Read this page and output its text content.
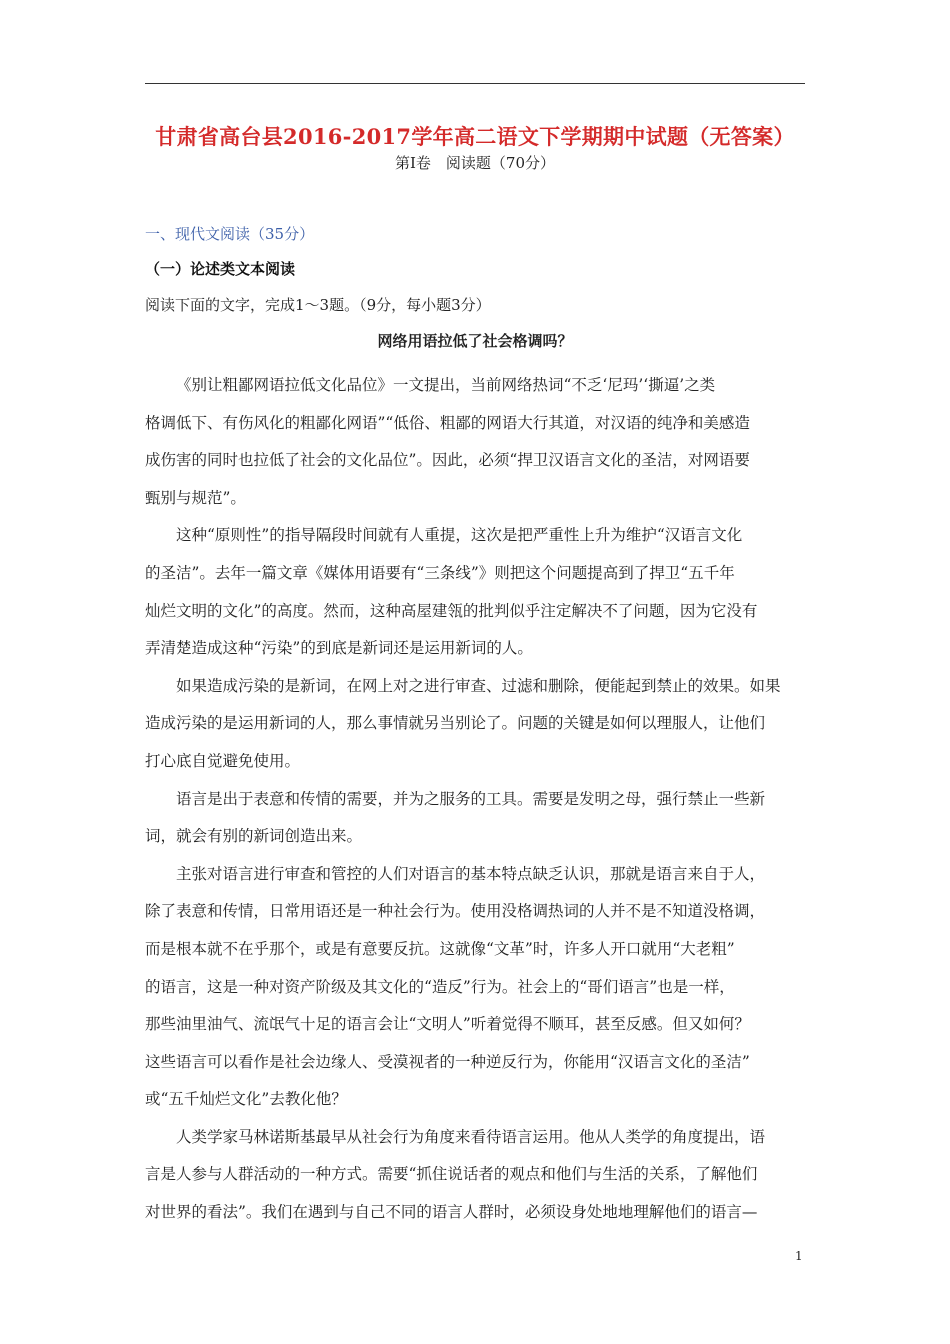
甘肃省高台县2016-2017学年高二语文下学期期中试题（无答案）
第Ⅰ卷　阅读题（70分）
一、现代文阅读（35分）
（一）论述类文本阅读
阅读下面的文字，完成1～3题。（9分，每小题3分）
网络用语拉低了社会格调吗？
《别让粗鄙网语拉低文化品位》一文提出，当前网络热词“不乏‘尼玛’‘撕逼’之类
格调低下、有伤风化的粗鄙化网语”“低俗、粗鄙的网语大行其道，对汉语的纯净和美感造
成伤害的同时也拉低了社会的文化品位”。因此，必须“捍卫汉语言文化的圣洁，对网语要
甄别与规范”。
这种“原则性”的指导隔段时间就有人重提，这次是把严重性上升为维护“汉语言文化
的圣洁”。去年一篇文章《媒体用语要有“三条线”》则把这个问题提高到了捍卫“五千年
灿烂文明的文化”的高度。然而，这种高屋建瓴的批判似乎注定解决不了问题，因为它没有
弄清楚造成这种“污染”的到底是新词还是运用新词的人。
如果造成污染的是新词，在网上对之进行审查、过滤和删除，便能起到禁止的效果。如果
造成污染的是运用新词的人，那么事情就另当别论了。问题的关键是如何以理服人，让他们
打心底自觉避免使用。
语言是出于表意和传情的需要，并为之服务的工具。需要是发明之母，强行禁止一些新
词，就会有别的新词创造出来。
主张对语言进行审查和管控的人们对语言的基本特点缺乏认识，那就是语言来自于人，
除了表意和传情，日常用语还是一种社会行为。使用没格调热词的人并不是不知道没格调，
而是根本就不在乎那个，或是有意要反抗。这就像“文革”时，许多人开口就用“大老粗”
的语言，这是一种对资产阶级及其文化的“造反”行为。社会上的“哥们语言”也是一样，
那些油里油气、流氓气十足的语言会让“文明人”听着觉得不顺耳，甚至反感。但又如何？
这些语言可以看作是社会边缘人、受漠视者的一种逆反行为，你能用“汉语言文化的圣洁”
或“五千灿烂文化”去教化他？
人类学家马林诺斯基最早从社会行为角度来看待语言运用。他从人类学的角度提出，语
言是人参与人群活动的一种方式。需要“抓住说话者的观点和他们与生活的关系，了解他们
对世界的看法”。我们在遇到与自己不同的语言人群时，必须设身处地地理解他们的语言—
1
